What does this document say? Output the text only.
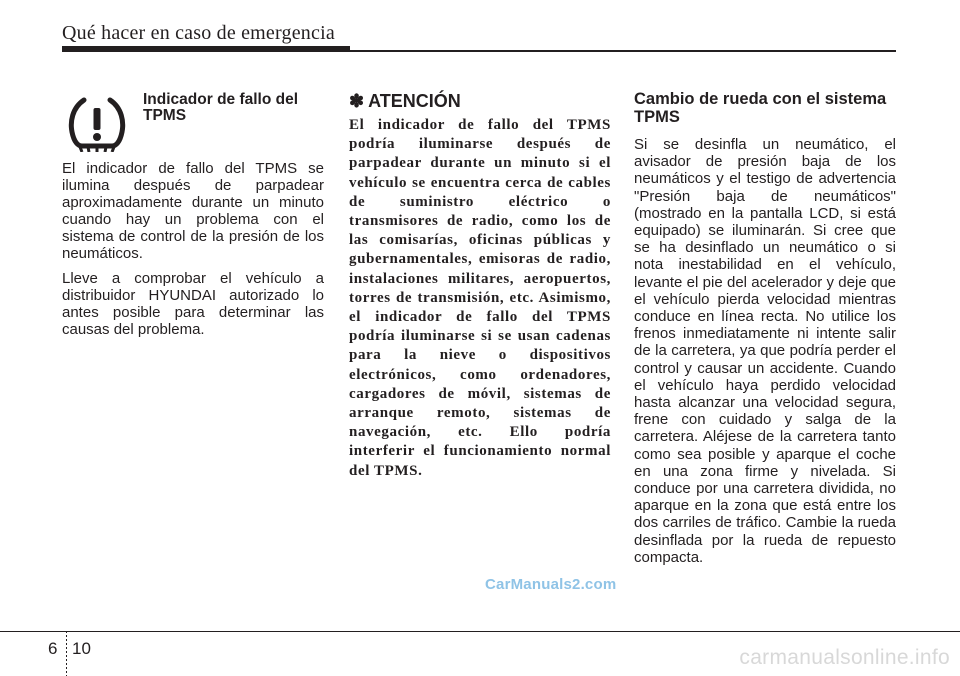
Qué hacer en caso de emergencia
Indicador de fallo del TPMS

El indicador de fallo del TPMS se ilumina después de parpadear aproximadamente durante un minuto cuando hay un problema con el sistema de control de la presión de los neumáticos.

Lleve a comprobar el vehículo a distribuidor HYUNDAI autorizado lo antes posible para determinar las causas del problema.

✽ ATENCIÓN

El indicador de fallo del TPMS podría iluminarse después de parpadear durante un minuto si el vehículo se encuentra cerca de cables de suministro eléctrico o transmisores de radio, como los de las comisarías, oficinas públicas y gubernamentales, emisoras de radio, instalaciones militares, aeropuertos, torres de transmisión, etc. Asimismo, el indicador de fallo del TPMS podría iluminarse si se usan cadenas para la nieve o dispositivos electrónicos, como ordenadores, cargadores de móvil, sistemas de arranque remoto, sistemas de navegación, etc. Ello podría interferir el funcionamiento normal del TPMS.

Cambio de rueda con el sistema TPMS

Si se desinfla un neumático, el avisador de presión baja de los neumáticos y el testigo de advertencia "Presión baja de neumáticos" (mostrado en la pantalla LCD, si está equipado) se iluminarán. Si cree que se ha desinflado un neumático o si nota inestabilidad en el vehículo, levante el pie del acelerador y deje que el vehículo pierda velocidad mientras conduce en línea recta. No utilice los frenos inmediatamente ni intente salir de la carretera, ya que podría perder el control y causar un accidente. Cuando el vehículo haya perdido velocidad hasta alcanzar una velocidad segura, frene con cuidado y salga de la carretera. Aléjese de la carretera tanto como sea posible y aparque el coche en una zona firme y nivelada. Si conduce por una carretera dividida, no aparque en la zona que está entre los dos carriles de tráfico. Cambie la rueda desinflada por la rueda de repuesto compacta.

CarManuals2.com
6 10	carmanualsonline.info
